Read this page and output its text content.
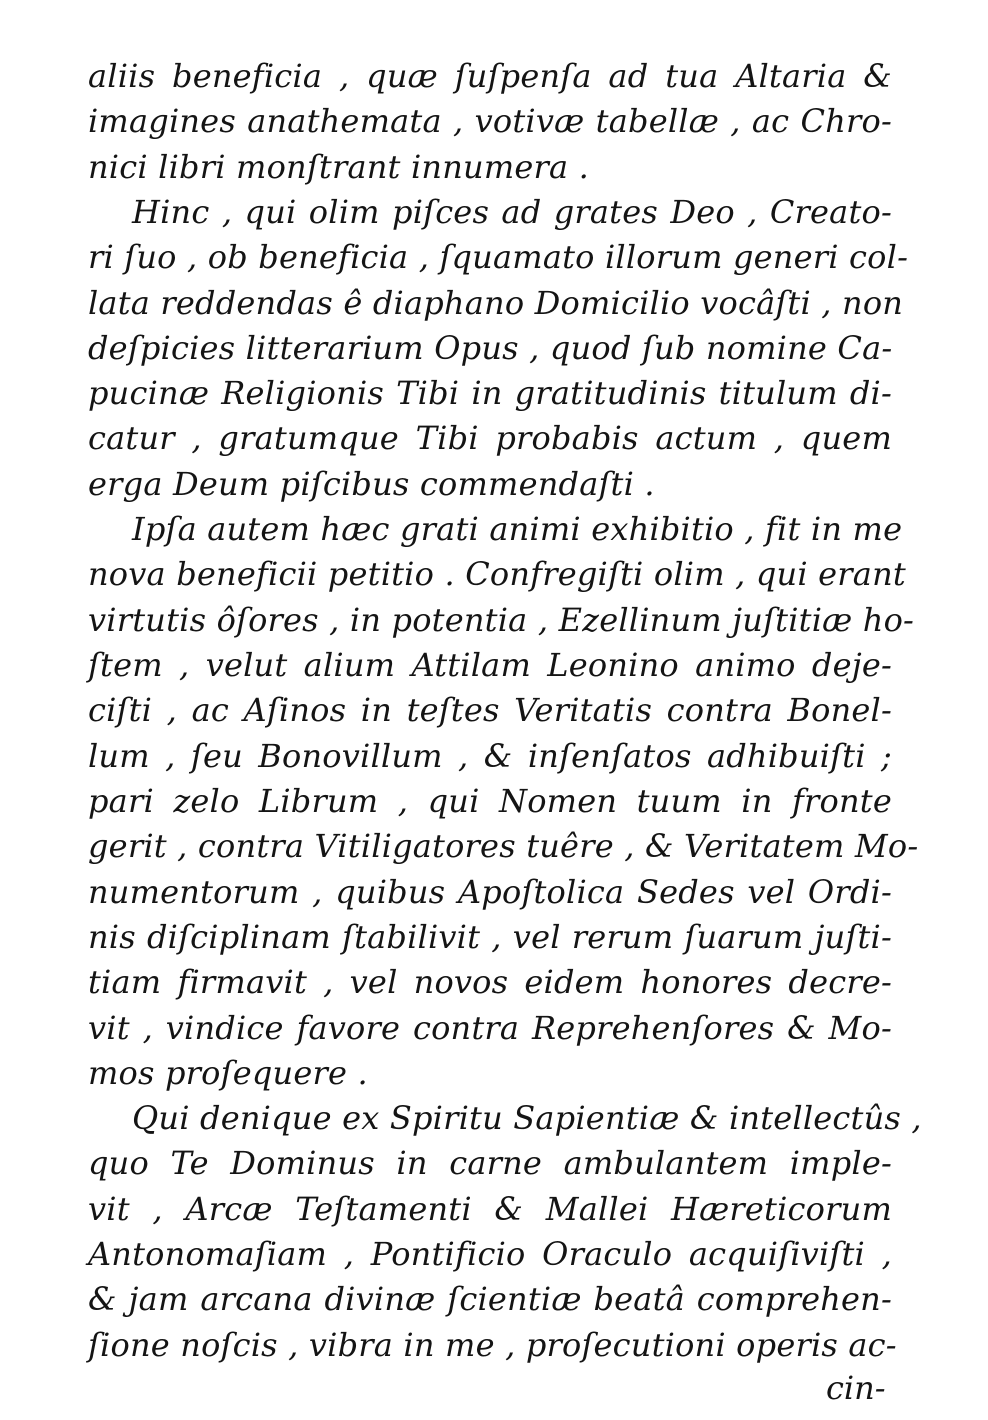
aliis beneficia , quæ ſuſpenſa ad tua Altaria &
imagines anathemata , votivæ tabellæ , ac Chro-
nici libri monſtrant innumera .
Hinc , qui olim piſces ad grates Deo , Creato-
ri ſuo , ob beneficia , ſquamato illorum generi col-
lata reddendas ê diaphano Domicilio vocâſti , non
deſpicies litterarium Opus , quod ſub nomine Ca-
pucinæ Religionis Tibi in gratitudinis titulum di-
catur , gratumque Tibi probabis actum , quem
erga Deum piſcibus commendaſti .
Ipſa autem hæc grati animi exhibitio , fit in me
nova beneficii petitio . Confregiſti olim , qui erant
virtutis ôſores , in potentia , Ezellinum juſtitiæ ho-
ſtem , velut alium Attilam Leonino animo deje-
ciſti , ac Aſinos in teſtes Veritatis contra Bonel-
lum , ſeu Bonovillum , & inſenſatos adhibuiſti ;
pari zelo Librum , qui Nomen tuum in fronte
gerit , contra Vitiligatores tuêre , & Veritatem Mo-
numentorum , quibus Apoſtolica Sedes vel Ordi-
nis diſciplinam ſtabilivit , vel rerum ſuarum juſti-
tiam firmavit , vel novos eidem honores decre-
vit , vindice favore contra Reprehenſores & Mo-
mos proſequere .
Qui denique ex Spiritu Sapientiæ & intellectûs ,
quo Te Dominus in carne ambulantem imple-
vit , Arcæ Teſtamenti & Mallei Hæreticorum
Antonomaſiam , Pontificio Oraculo acquiſiviſti ,
& jam arcana divinæ ſcientiæ beatâ comprehen-
ſione noſcis , vibra in me , proſecutioni operis ac-
cin-
